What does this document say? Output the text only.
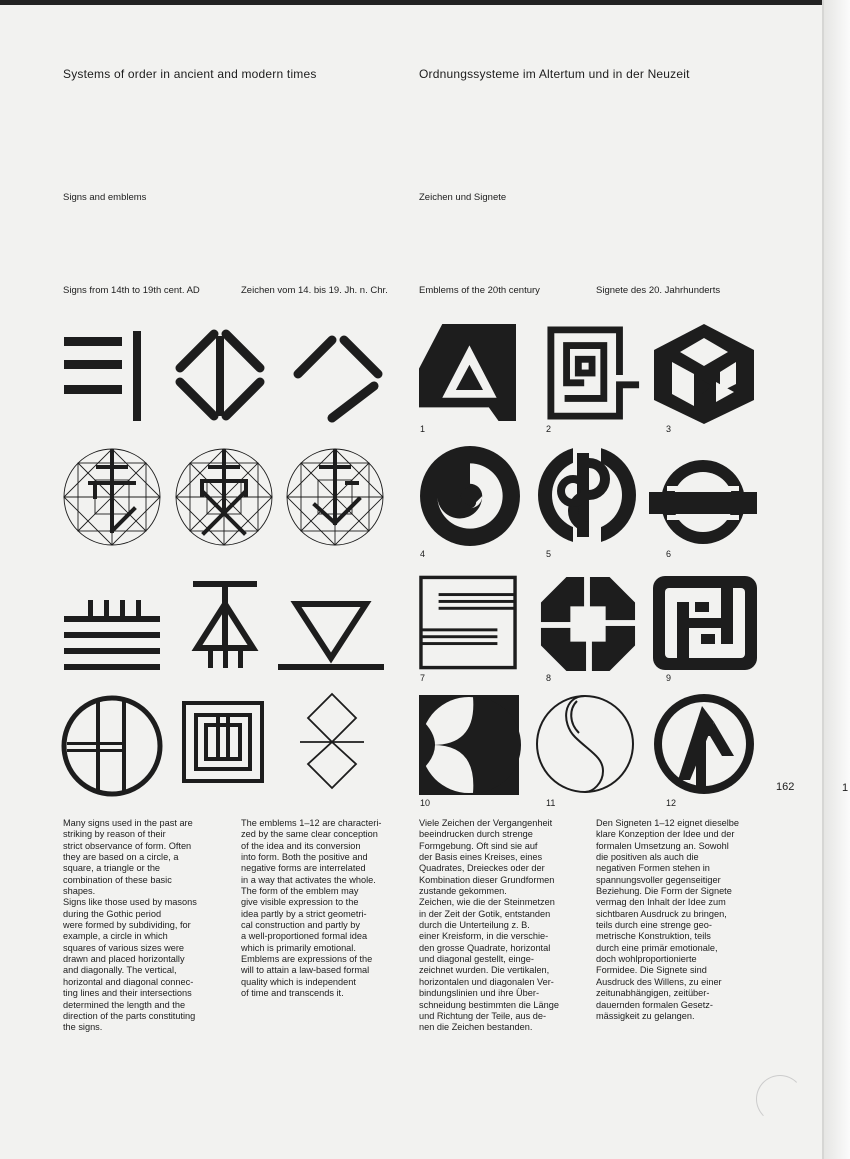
Systems of order in ancient and modern times	Ordnungssysteme im Altertum und in der Neuzeit
Signs and emblems	Zeichen und Signete
Signs from 14th to 19th cent. AD	Zeichen vom 14. bis 19. Jh. n. Chr.	Emblems of the 20th century	Signete des 20. Jahrhunderts
1	2	3
4	5	6
7	8	9
10	11	12
162	1

Many signs used in the past are
striking by reason of their
strict observance of form. Often
they are based on a circle, a
square, a triangle or the
combination of these basic
shapes.
Signs like those used by masons
during the Gothic period
were formed by subdividing, for
example, a circle in which
squares of various sizes were
drawn and placed horizontally
and diagonally. The vertical,
horizontal and diagonal connec-
ting lines and their intersections
determined the length and the
direction of the parts constituting
the signs.

The emblems 1–12 are characteri-
zed by the same clear conception
of the idea and its conversion
into form. Both the positive and
negative forms are interrelated
in a way that activates the whole.
The form of the emblem may
give visible expression to the
idea partly by a strict geometri-
cal construction and partly by
a well-proportioned formal idea
which is primarily emotional.
Emblems are expressions of the
will to attain a law-based formal
quality which is independent
of time and transcends it.

Viele Zeichen der Vergangenheit
beeindrucken durch strenge
Formgebung. Oft sind sie auf
der Basis eines Kreises, eines
Quadrates, Dreieckes oder der
Kombination dieser Grundformen
zustande gekommen.
Zeichen, wie die der Steinmetzen
in der Zeit der Gotik, entstanden
durch die Unterteilung z. B.
einer Kreisform, in die verschie-
den grosse Quadrate, horizontal
und diagonal gestellt, einge-
zeichnet wurden. Die vertikalen,
horizontalen und diagonalen Ver-
bindungslinien und ihre Über-
schneidung bestimmten die Länge
und Richtung der Teile, aus de-
nen die Zeichen bestanden.

Den Signeten 1–12 eignet dieselbe
klare Konzeption der Idee und der
formalen Umsetzung an. Sowohl
die positiven als auch die
negativen Formen stehen in
spannungsvoller gegenseitiger
Beziehung. Die Form der Signete
vermag den Inhalt der Idee zum
sichtbaren Ausdruck zu bringen,
teils durch eine strenge geo-
metrische Konstruktion, teils
durch eine primär emotionale,
doch wohlproportionierte
Formidee. Die Signete sind
Ausdruck des Willens, zu einer
zeitunabhängigen, zeitüber-
dauernden formalen Gesetz-
mässigkeit zu gelangen.
